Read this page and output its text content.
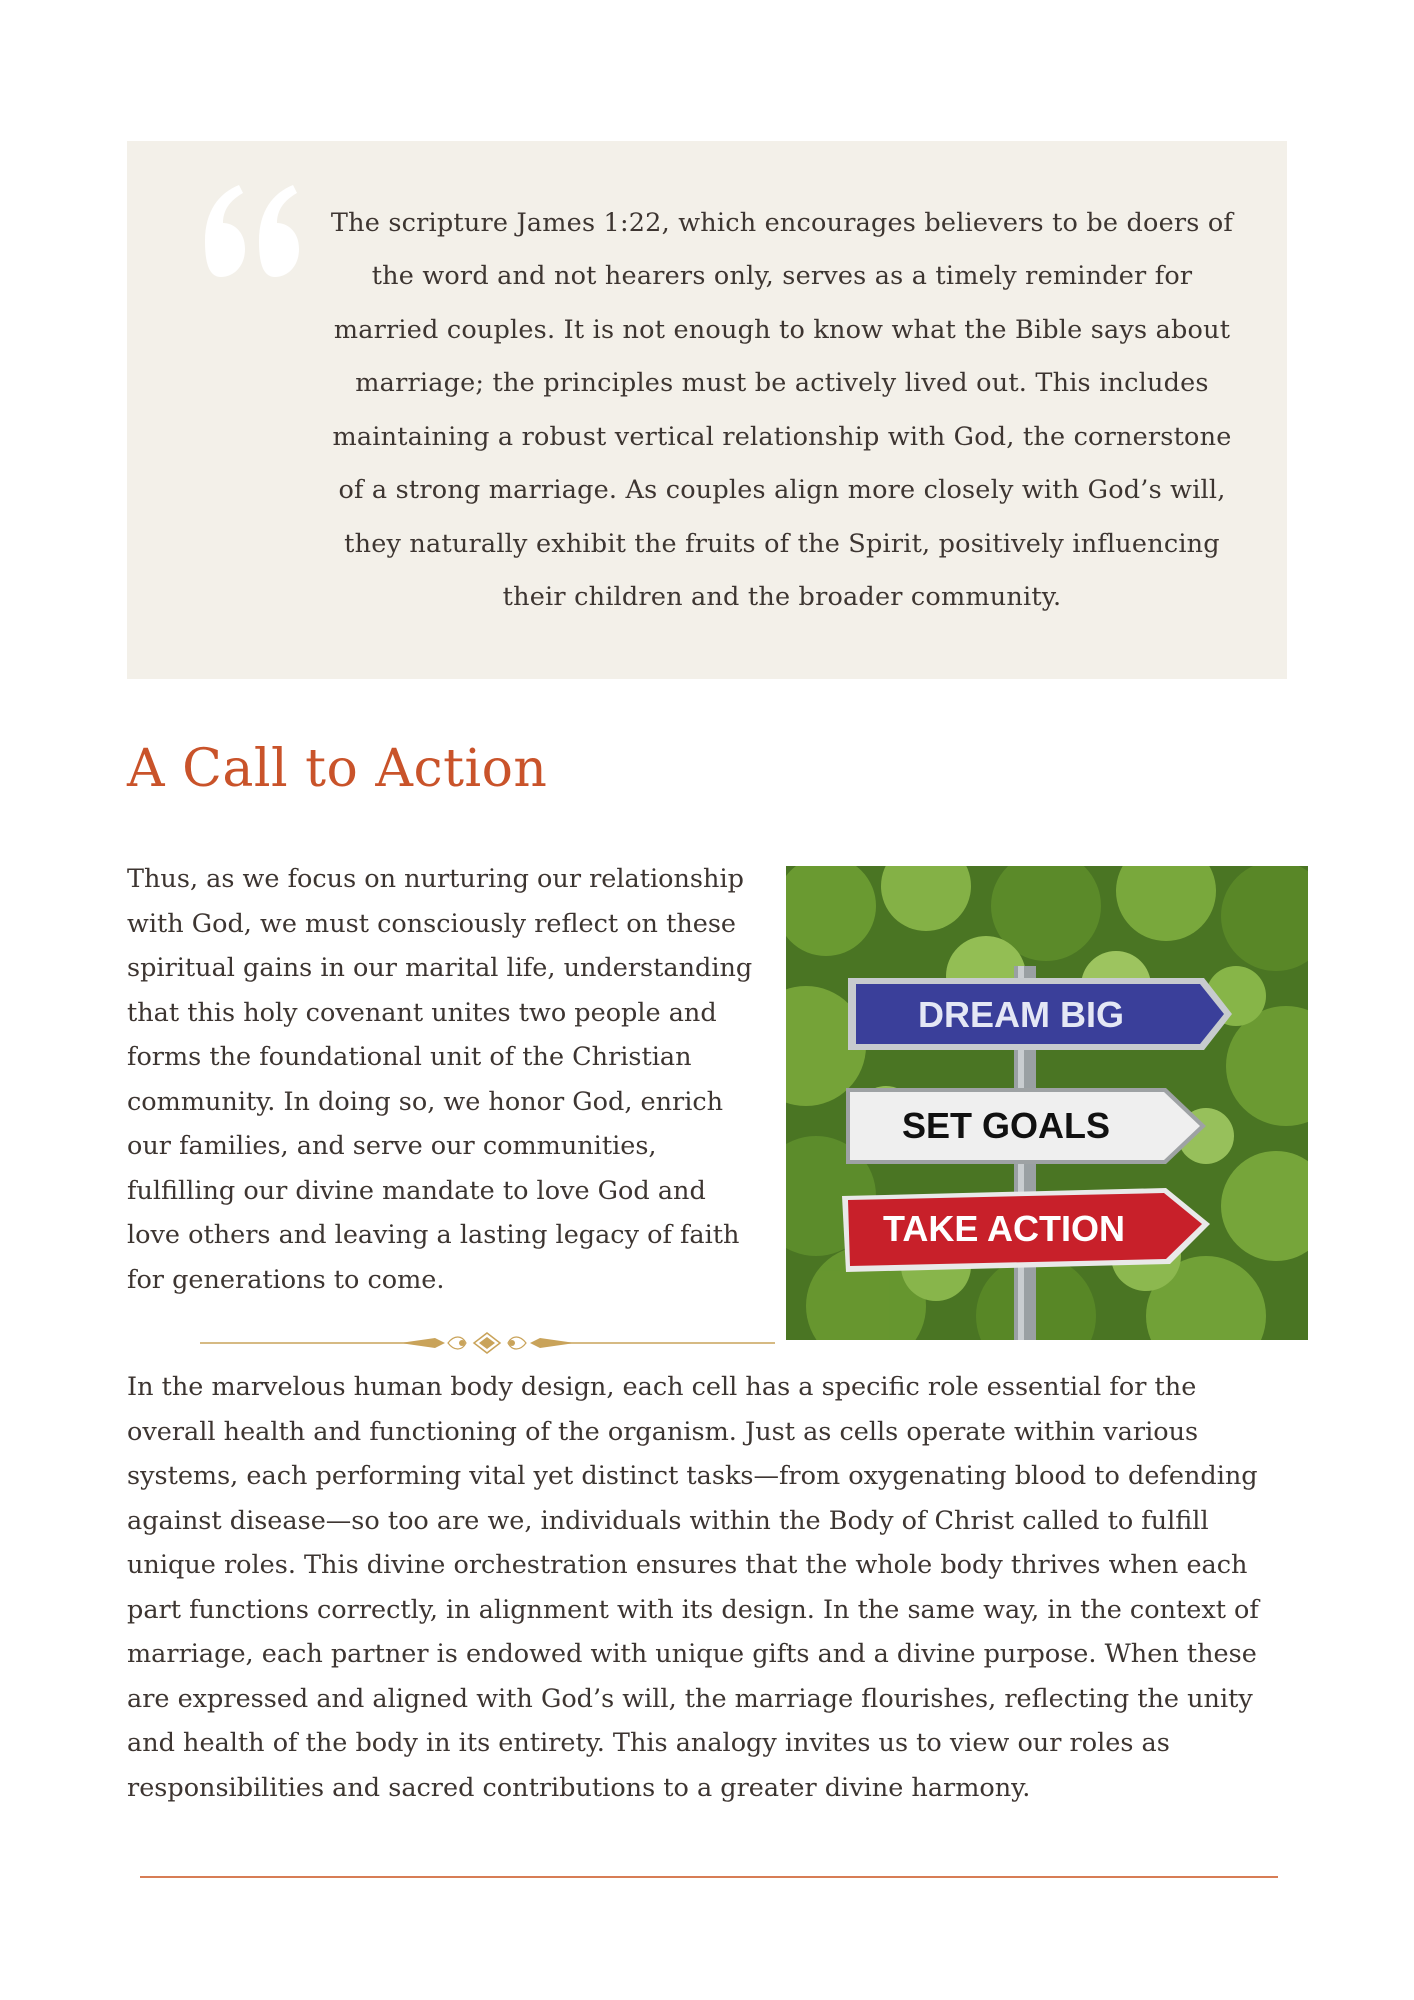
The scripture James 1:22, which encourages believers to be doers of the word and not hearers only, serves as a timely reminder for married couples. It is not enough to know what the Bible says about marriage; the principles must be actively lived out. This includes maintaining a robust vertical relationship with God, the cornerstone of a strong marriage. As couples align more closely with God’s will, they naturally exhibit the fruits of the Spirit, positively influencing their children and the broader community.

A Call to Action

Thus, as we focus on nurturing our relationship with God, we must consciously reflect on these spiritual gains in our marital life, understanding that this holy covenant unites two people and forms the foundational unit of the Christian community. In doing so, we honor God, enrich our families, and serve our communities, fulfilling our divine mandate to love God and love others and leaving a lasting legacy of faith for generations to come.

DREAM BIG
SET GOALS
TAKE ACTION

In the marvelous human body design, each cell has a specific role essential for the overall health and functioning of the organism. Just as cells operate within various systems, each performing vital yet distinct tasks—from oxygenating blood to defending against disease—so too are we, individuals within the Body of Christ called to fulfill unique roles. This divine orchestration ensures that the whole body thrives when each part functions correctly, in alignment with its design. In the same way, in the context of marriage, each partner is endowed with unique gifts and a divine purpose. When these are expressed and aligned with God’s will, the marriage flourishes, reflecting the unity and health of the body in its entirety. This analogy invites us to view our roles as responsibilities and sacred contributions to a greater divine harmony.
